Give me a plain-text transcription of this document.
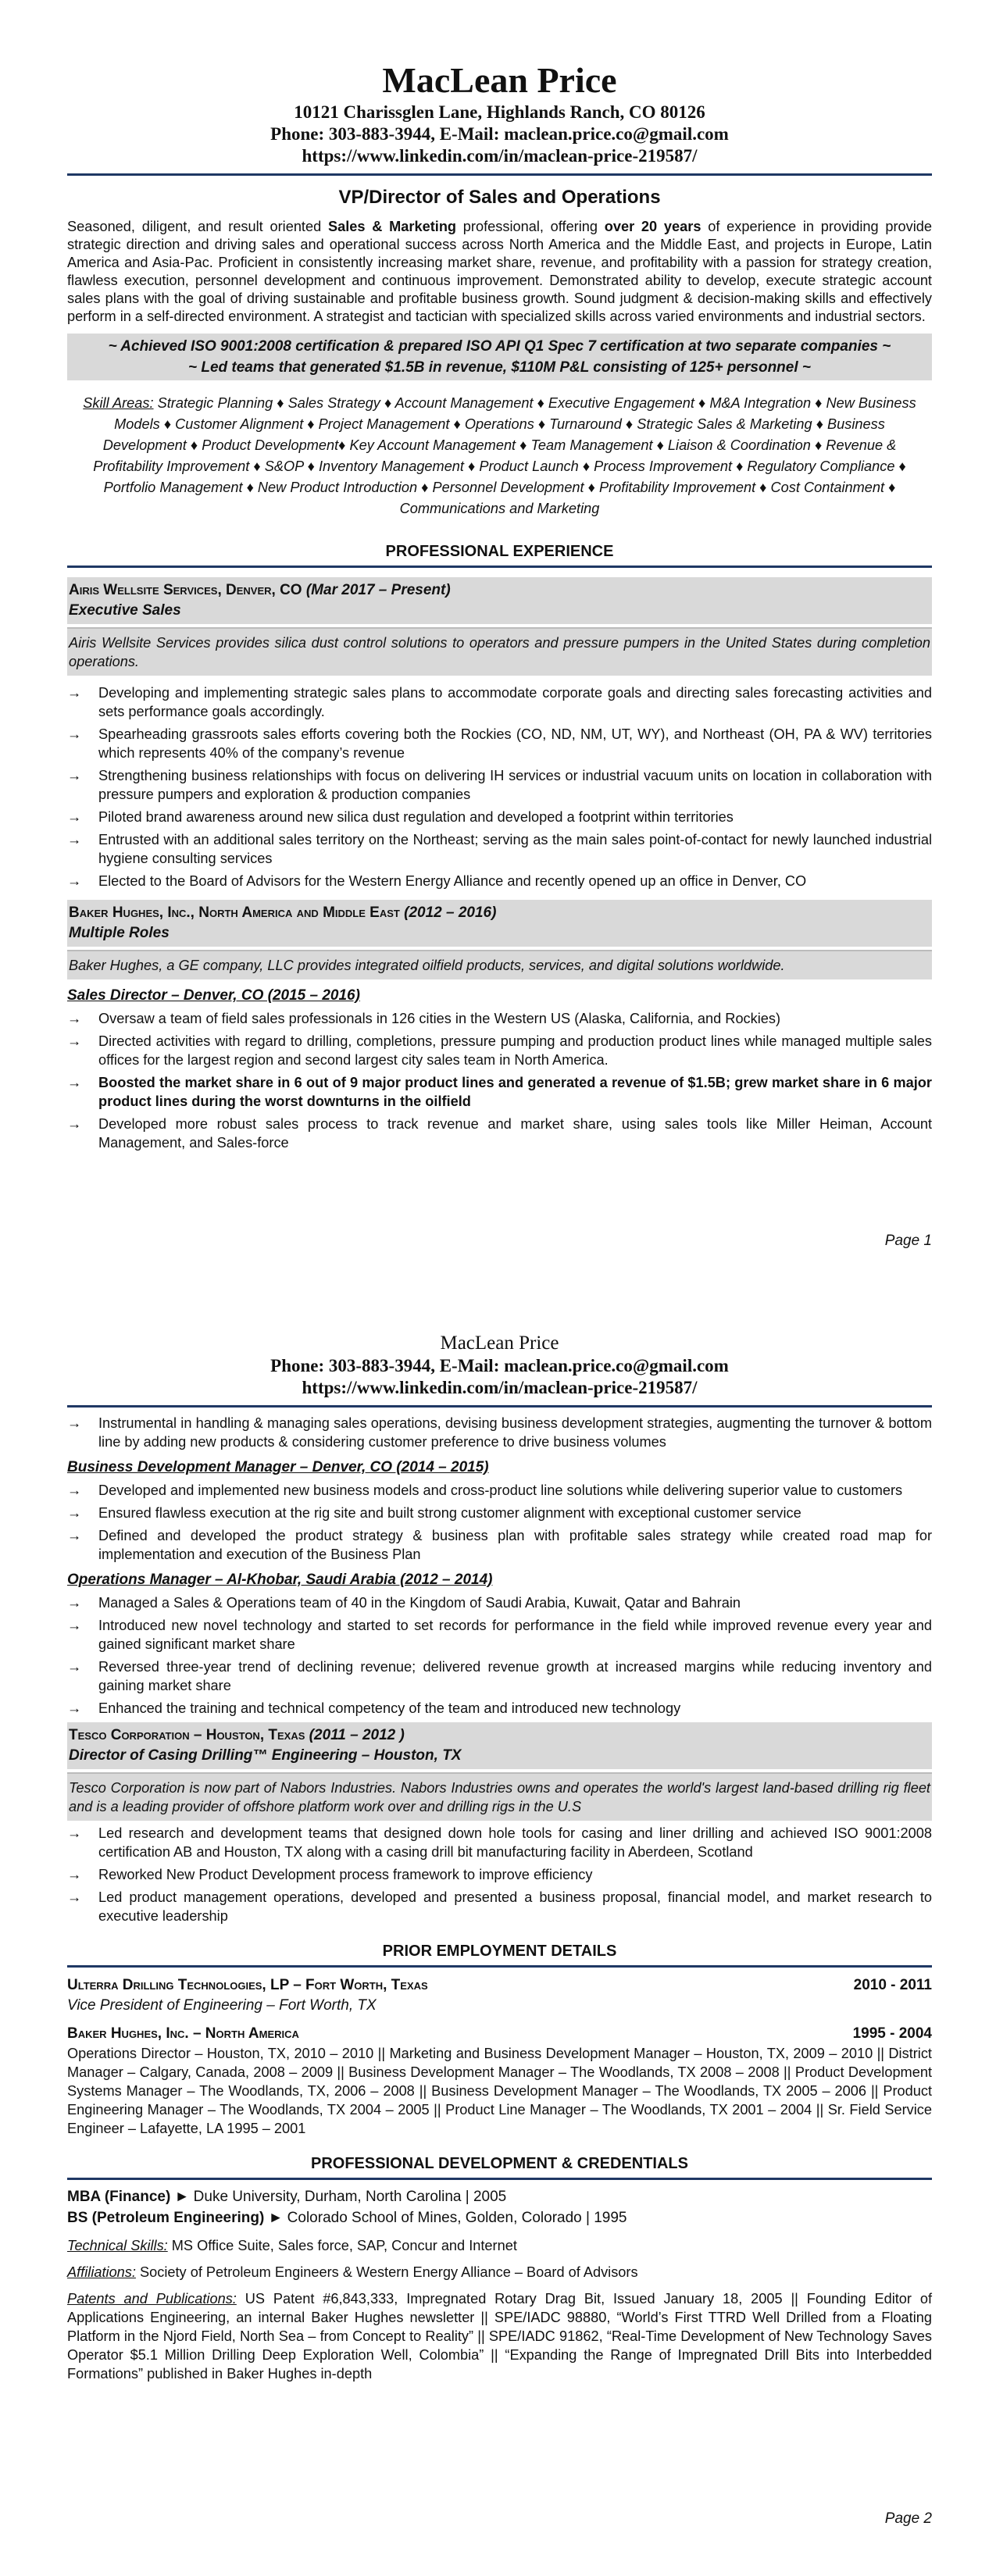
MacLean Price
10121 Charissglen Lane, Highlands Ranch, CO 80126
Phone: 303-883-3944, E-Mail: maclean.price.co@gmail.com
https://www.linkedin.com/in/maclean-price-219587/
VP/Director of Sales and Operations

Seasoned, diligent, and result oriented Sales & Marketing professional, offering over 20 years of experience in providing provide strategic direction and driving sales and operational success across North America and the Middle East, and projects in Europe, Latin America and Asia-Pac. Proficient in consistently increasing market share, revenue, and profitability with a passion for strategy creation, flawless execution, personnel development and continuous improvement. Demonstrated ability to develop, execute strategic account sales plans with the goal of driving sustainable and profitable business growth. Sound judgment & decision-making skills and effectively perform in a self-directed environment. A strategist and tactician with specialized skills across varied environments and industrial sectors.

~ Achieved ISO 9001:2008 certification & prepared ISO API Q1 Spec 7 certification at two separate companies ~
~ Led teams that generated $1.5B in revenue, $110M P&L consisting of 125+ personnel ~
Skill Areas: Strategic Planning ♦ Sales Strategy ♦ Account Management ♦ Executive Engagement ♦ M&A Integration ♦ New Business Models ♦ Customer Alignment ♦ Project Management ♦ Operations ♦ Turnaround ♦ Strategic Sales & Marketing ♦ Business Development ♦ Product Development♦ Key Account Management ♦ Team Management ♦ Liaison & Coordination ♦ Revenue & Profitability Improvement ♦ S&OP ♦ Inventory Management ♦ Product Launch ♦ Process Improvement ♦ Regulatory Compliance ♦ Portfolio Management ♦ New Product Introduction ♦ Personnel Development ♦ Profitability Improvement ♦ Cost Containment ♦ Communications and Marketing
PROFESSIONAL EXPERIENCE
Airis Wellsite Services, Denver, CO (Mar 2017 – Present)
Executive Sales
Airis Wellsite Services provides silica dust control solutions to operators and pressure pumpers in the United States during completion operations.
→ Developing and implementing strategic sales plans to accommodate corporate goals and directing sales forecasting activities and sets performance goals accordingly.
→ Spearheading grassroots sales efforts covering both the Rockies (CO, ND, NM, UT, WY), and Northeast (OH, PA & WV) territories which represents 40% of the company’s revenue
→ Strengthening business relationships with focus on delivering IH services or industrial vacuum units on location in collaboration with pressure pumpers and exploration & production companies
→ Piloted brand awareness around new silica dust regulation and developed a footprint within territories
→ Entrusted with an additional sales territory on the Northeast; serving as the main sales point-of-contact for newly launched industrial hygiene consulting services
→ Elected to the Board of Advisors for the Western Energy Alliance and recently opened up an office in Denver, CO
Baker Hughes, Inc., North America and Middle East (2012 – 2016)
Multiple Roles
Baker Hughes, a GE company, LLC provides integrated oilfield products, services, and digital solutions worldwide.
Sales Director – Denver, CO (2015 – 2016)
→ Oversaw a team of field sales professionals in 126 cities in the Western US (Alaska, California, and Rockies)
→ Directed activities with regard to drilling, completions, pressure pumping and production product lines while managed multiple sales offices for the largest region and second largest city sales team in North America.
→ Boosted the market share in 6 out of 9 major product lines and generated a revenue of $1.5B; grew market share in 6 major product lines during the worst downturns in the oilfield
→ Developed more robust sales process to track revenue and market share, using sales tools like Miller Heiman, Account Management, and Sales-force
Page 1
MacLean Price
Phone: 303-883-3944, E-Mail: maclean.price.co@gmail.com
https://www.linkedin.com/in/maclean-price-219587/
→ Instrumental in handling & managing sales operations, devising business development strategies, augmenting the turnover & bottom line by adding new products & considering customer preference to drive business volumes
Business Development Manager – Denver, CO (2014 – 2015)
→ Developed and implemented new business models and cross-product line solutions while delivering superior value to customers
→ Ensured flawless execution at the rig site and built strong customer alignment with exceptional customer service
→ Defined and developed the product strategy & business plan with profitable sales strategy while created road map for implementation and execution of the Business Plan
Operations Manager – Al-Khobar, Saudi Arabia (2012 – 2014)
→ Managed a Sales & Operations team of 40 in the Kingdom of Saudi Arabia, Kuwait, Qatar and Bahrain
→ Introduced new novel technology and started to set records for performance in the field while improved revenue every year and gained significant market share
→ Reversed three-year trend of declining revenue; delivered revenue growth at increased margins while reducing inventory and gaining market share
→ Enhanced the training and technical competency of the team and introduced new technology
Tesco Corporation – Houston, Texas (2011 – 2012 )
Director of Casing Drilling™ Engineering – Houston, TX
Tesco Corporation is now part of Nabors Industries. Nabors Industries owns and operates the world's largest land-based drilling rig fleet and is a leading provider of offshore platform work over and drilling rigs in the U.S
→ Led research and development teams that designed down hole tools for casing and liner drilling and achieved ISO 9001:2008 certification AB and Houston, TX along with a casing drill bit manufacturing facility in Aberdeen, Scotland
→ Reworked New Product Development process framework to improve efficiency
→ Led product management operations, developed and presented a business proposal, financial model, and market research to executive leadership
PRIOR EMPLOYMENT DETAILS
Ulterra Drilling Technologies, LP – Fort Worth, Texas	2010 - 2011
Vice President of Engineering – Fort Worth, TX
Baker Hughes, Inc. – North America	1995 - 2004
Operations Director – Houston, TX, 2010 – 2010 || Marketing and Business Development Manager – Houston, TX, 2009 – 2010 || District Manager – Calgary, Canada, 2008 – 2009 || Business Development Manager – The Woodlands, TX 2008 – 2008 || Product Development Systems Manager – The Woodlands, TX, 2006 – 2008 || Business Development Manager – The Woodlands, TX 2005 – 2006 || Product Engineering Manager – The Woodlands, TX 2004 – 2005 || Product Line Manager – The Woodlands, TX 2001 – 2004 || Sr. Field Service Engineer – Lafayette, LA 1995 – 2001
PROFESSIONAL DEVELOPMENT & CREDENTIALS
MBA (Finance) ► Duke University, Durham, North Carolina | 2005
BS (Petroleum Engineering) ► Colorado School of Mines, Golden, Colorado | 1995
Technical Skills: MS Office Suite, Sales force, SAP, Concur and Internet
Affiliations: Society of Petroleum Engineers & Western Energy Alliance – Board of Advisors
Patents and Publications: US Patent #6,843,333, Impregnated Rotary Drag Bit, Issued January 18, 2005 || Founding Editor of Applications Engineering, an internal Baker Hughes newsletter || SPE/IADC 98880, “World’s First TTRD Well Drilled from a Floating Platform in the Njord Field, North Sea – from Concept to Reality” || SPE/IADC 91862, “Real-Time Development of New Technology Saves Operator $5.1 Million Drilling Deep Exploration Well, Colombia” || “Expanding the Range of Impregnated Drill Bits into Interbedded Formations” published in Baker Hughes in-depth
Page 2
